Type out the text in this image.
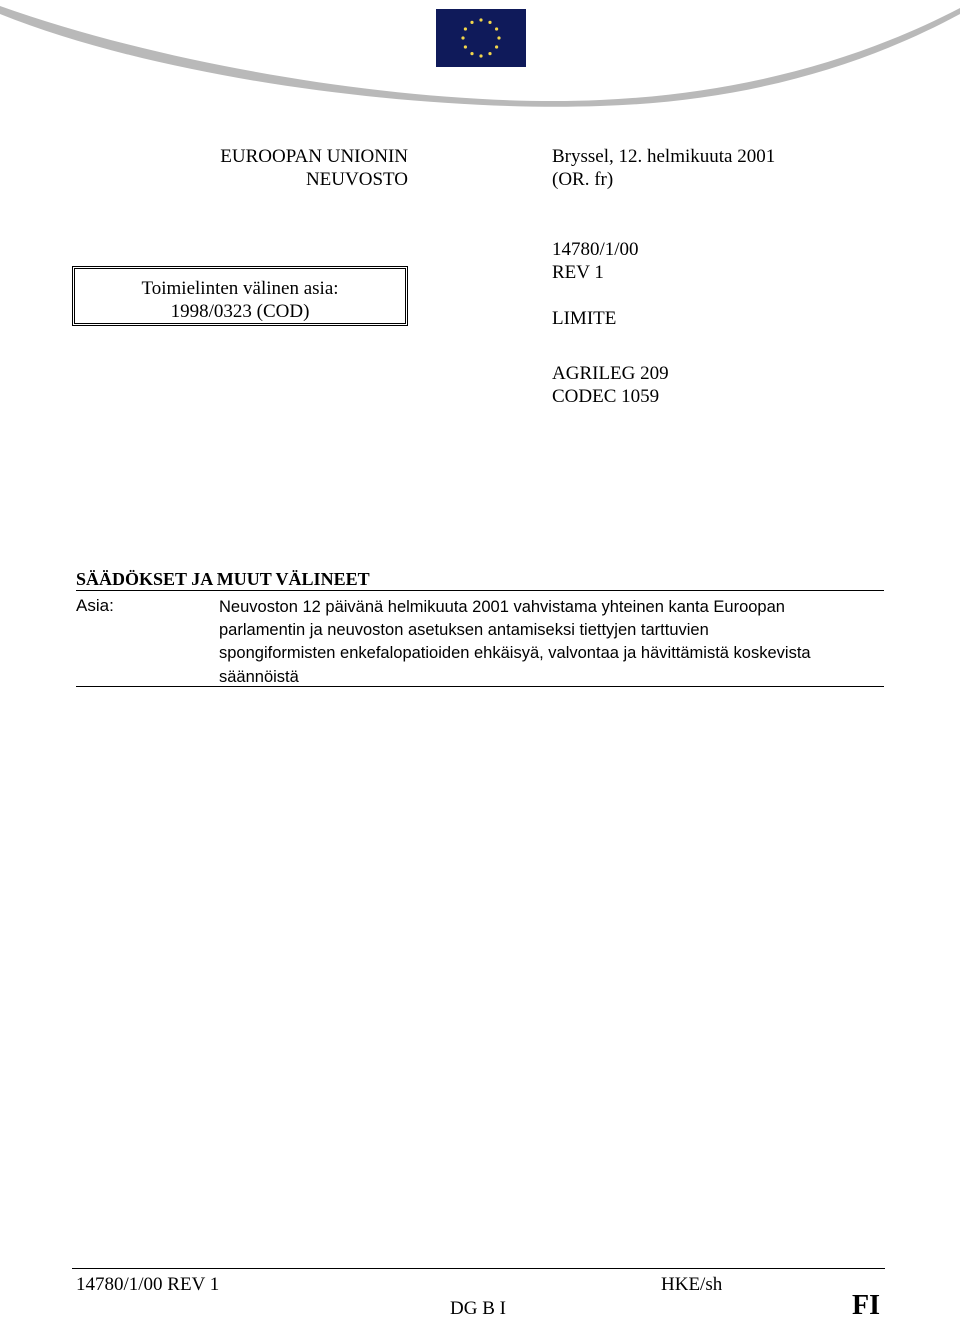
EUROOPAN UNIONIN
NEUVOSTO
Bryssel, 12. helmikuuta 2001
(OR. fr)
Toimielinten välinen asia:
1998/0323 (COD)
14780/1/00
REV 1
LIMITE
AGRILEG 209
CODEC 1059
SÄÄDÖKSET JA MUUT VÄLINEET
Asia:	Neuvoston 12 päivänä helmikuuta 2001 vahvistama yhteinen kanta Euroopan
parlamentin ja neuvoston asetuksen antamiseksi tiettyjen tarttuvien
spongiformisten enkefalopatioiden ehkäisyä, valvontaa ja hävittämistä koskevista
säännöistä
14780/1/00 REV 1	HKE/sh
DG B I	FI
